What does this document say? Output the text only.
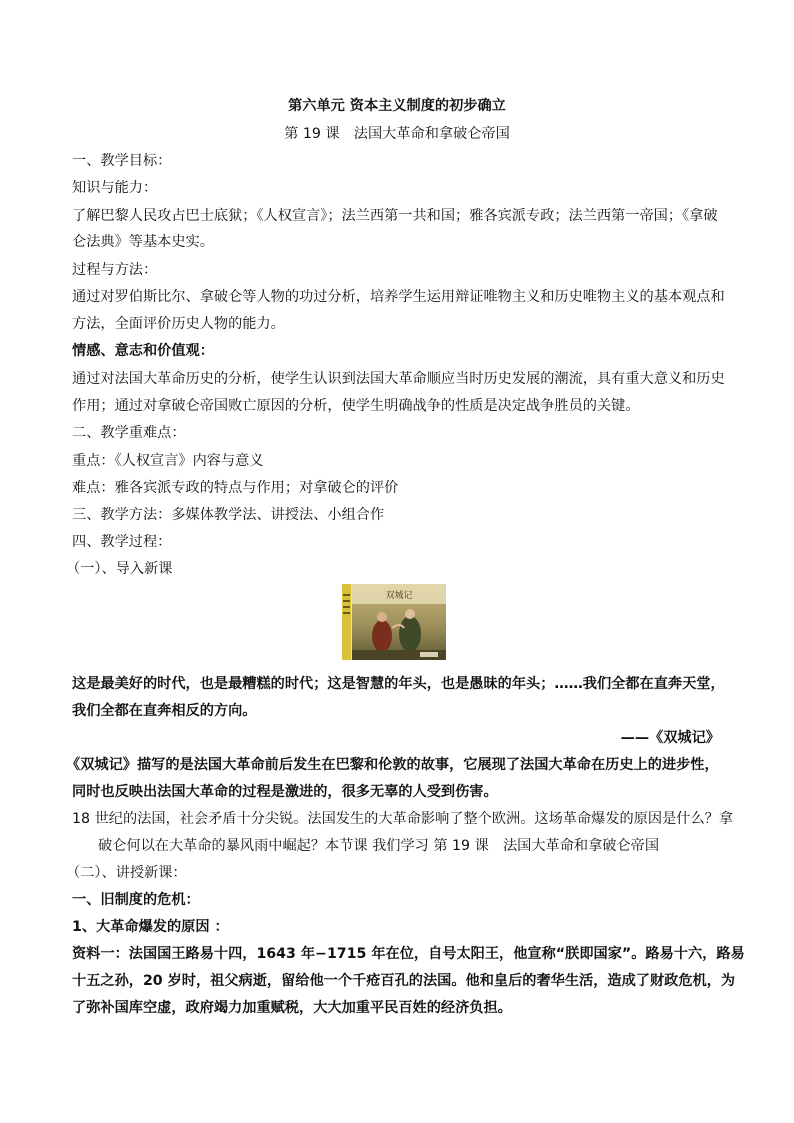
第六单元 资本主义制度的初步确立
第 19 课　法国大革命和拿破仑帝国
一、教学目标：
知识与能力：
了解巴黎人民攻占巴士底狱；《人权宣言》；法兰西第一共和国；雅各宾派专政；法兰西第一帝国；《拿破
仑法典》等基本史实。
过程与方法：
通过对罗伯斯比尔、拿破仑等人物的功过分析，培养学生运用辩证唯物主义和历史唯物主义的基本观点和
方法，全面评价历史人物的能力。
情感、意志和价值观：
通过对法国大革命历史的分析，使学生认识到法国大革命顺应当时历史发展的潮流，具有重大意义和历史
作用；通过对拿破仑帝国败亡原因的分析，使学生明确战争的性质是决定战争胜员的关键。
二、教学重难点：
重点：《人权宣言》内容与意义
难点：雅各宾派专政的特点与作用；对拿破仑的评价
三、教学方法：多媒体教学法、讲授法、小组合作
四、教学过程：
（一）、导入新课
双城记
这是最美好的时代，也是最糟糕的时代；这是智慧的年头，也是愚昧的年头；……我们全都在直奔天堂，
我们全都在直奔相反的方向。
——《双城记》
《双城记》描写的是法国大革命前后发生在巴黎和伦敦的故事，它展现了法国大革命在历史上的进步性，
同时也反映出法国大革命的过程是激进的，很多无辜的人受到伤害。
18 世纪的法国，社会矛盾十分尖锐。法国发生的大革命影响了整个欧洲。这场革命爆发的原因是什么？拿
破仑何以在大革命的暴风雨中崛起？本节课 我们学习 第 19 课　法国大革命和拿破仑帝国
（二）、讲授新课：
一、旧制度的危机：
1、大革命爆发的原因 ：
资料一：法国国王路易十四，1643 年−1715 年在位，自号太阳王，他宣称“朕即国家”。路易十六，路易
十五之孙，20 岁时，祖父病逝，留给他一个千疮百孔的法国。他和皇后的奢华生活，造成了财政危机，为
了弥补国库空虚，政府竭力加重赋税，大大加重平民百姓的经济负担。
